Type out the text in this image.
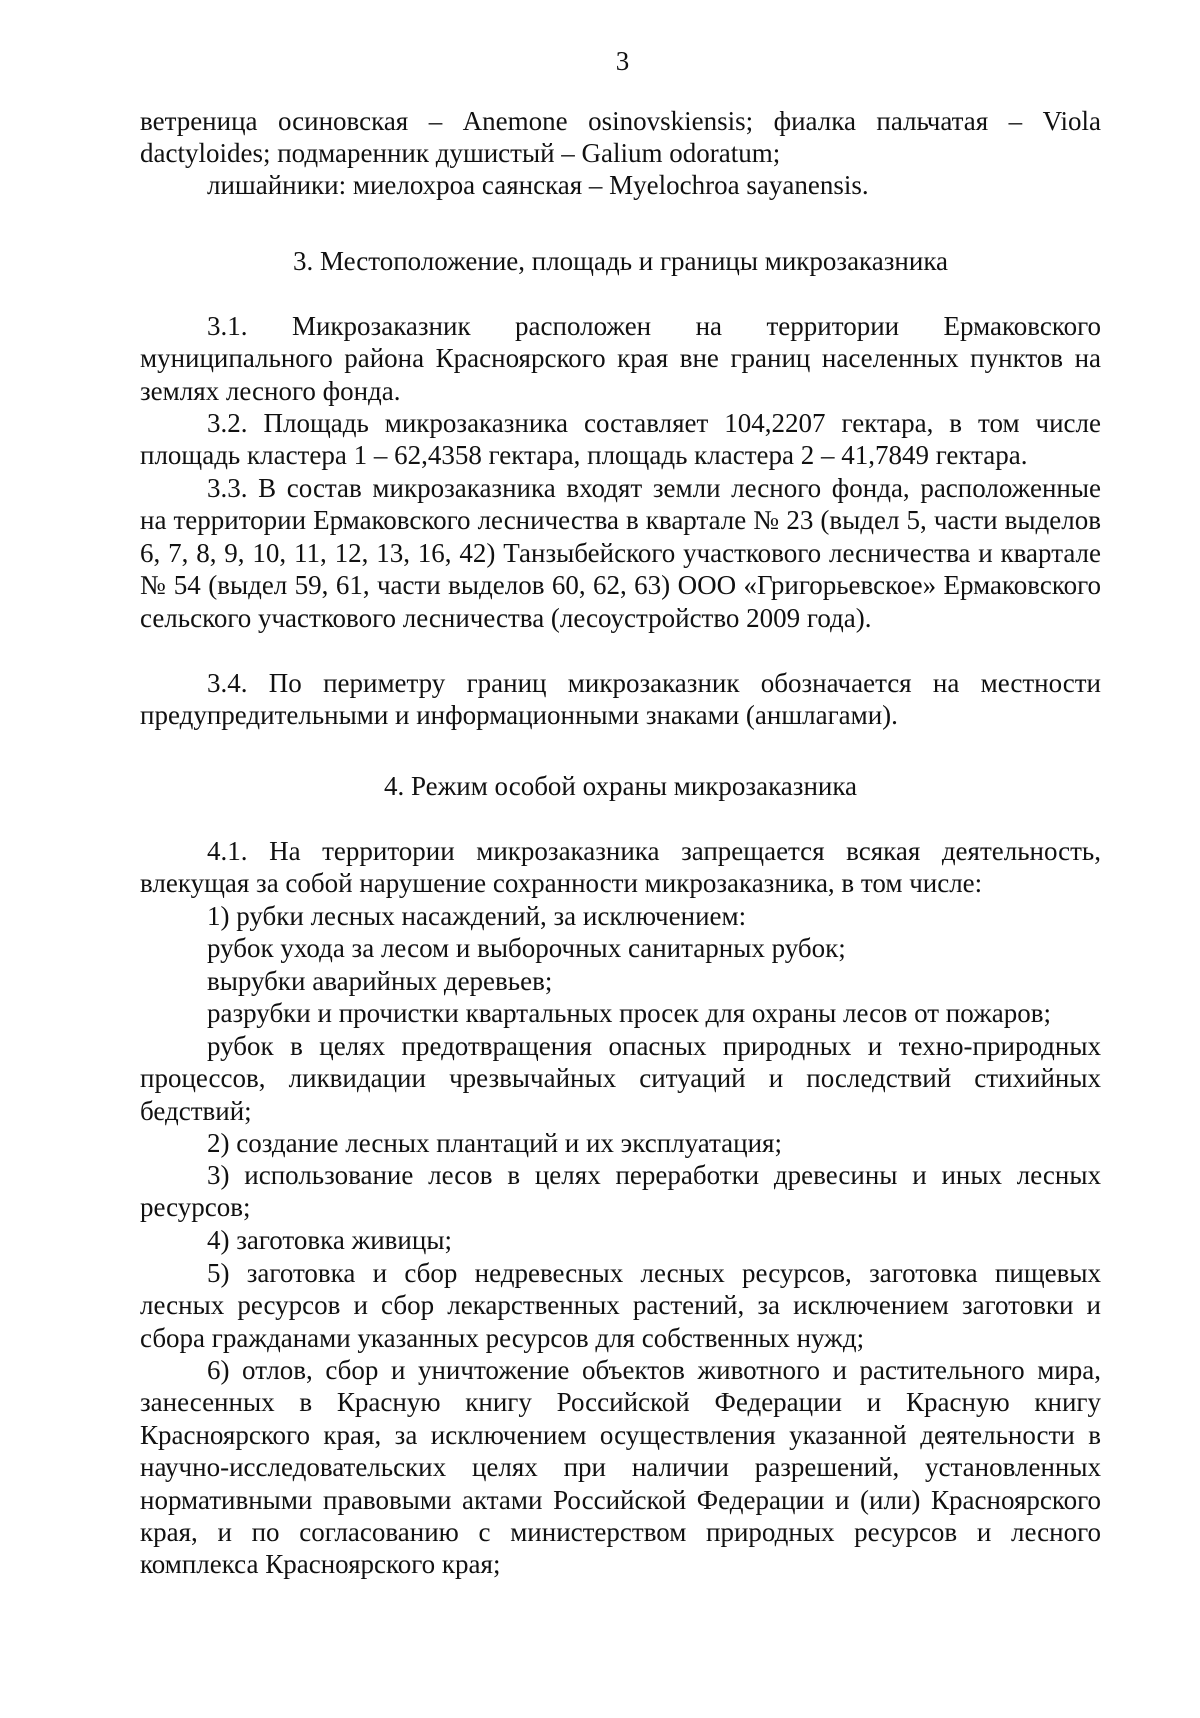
3
ветреница осиновская – Anemone osinovskiensis; фиалка пальчатая – Viola dactyloides; подмаренник душистый – Galium odoratum;
лишайники: миелохроа саянская – Myelochroa sayanensis.
3. Местоположение, площадь и границы микрозаказника
3.1. Микрозаказник расположен на территории Ермаковского муниципального района Красноярского края вне границ населенных пунктов на землях лесного фонда.
3.2. Площадь микрозаказника составляет 104,2207 гектара, в том числе площадь кластера 1 – 62,4358 гектара, площадь кластера 2 – 41,7849 гектара.
3.3. В состав микрозаказника входят земли лесного фонда, расположенные на территории Ермаковского лесничества в квартале № 23 (выдел 5, части выделов 6, 7, 8, 9, 10, 11, 12, 13, 16, 42) Танзыбейского участкового лесничества и квартале № 54 (выдел 59, 61, части выделов 60, 62, 63) ООО «Григорьевское» Ермаковского сельского участкового лесничества (лесоустройство 2009 года).
3.4. По периметру границ микрозаказник обозначается на местности предупредительными и информационными знаками (аншлагами).
4. Режим особой охраны микрозаказника
4.1. На территории микрозаказника запрещается всякая деятельность, влекущая за собой нарушение сохранности микрозаказника, в том числе:
1) рубки лесных насаждений, за исключением:
рубок ухода за лесом и выборочных санитарных рубок;
вырубки аварийных деревьев;
разрубки и прочистки квартальных просек для охраны лесов от пожаров;
рубок в целях предотвращения опасных природных и техно-природных процессов, ликвидации чрезвычайных ситуаций и последствий стихийных бедствий;
2) создание лесных плантаций и их эксплуатация;
3) использование лесов в целях переработки древесины и иных лесных ресурсов;
4) заготовка живицы;
5) заготовка и сбор недревесных лесных ресурсов, заготовка пищевых лесных ресурсов и сбор лекарственных растений, за исключением заготовки и сбора гражданами указанных ресурсов для собственных нужд;
6) отлов, сбор и уничтожение объектов животного и растительного мира, занесенных в Красную книгу Российской Федерации и Красную книгу Красноярского края, за исключением осуществления указанной деятельности в научно-исследовательских целях при наличии разрешений, установленных нормативными правовыми актами Российской Федерации и (или) Красноярского края, и по согласованию с министерством природных ресурсов и лесного комплекса Красноярского края;
